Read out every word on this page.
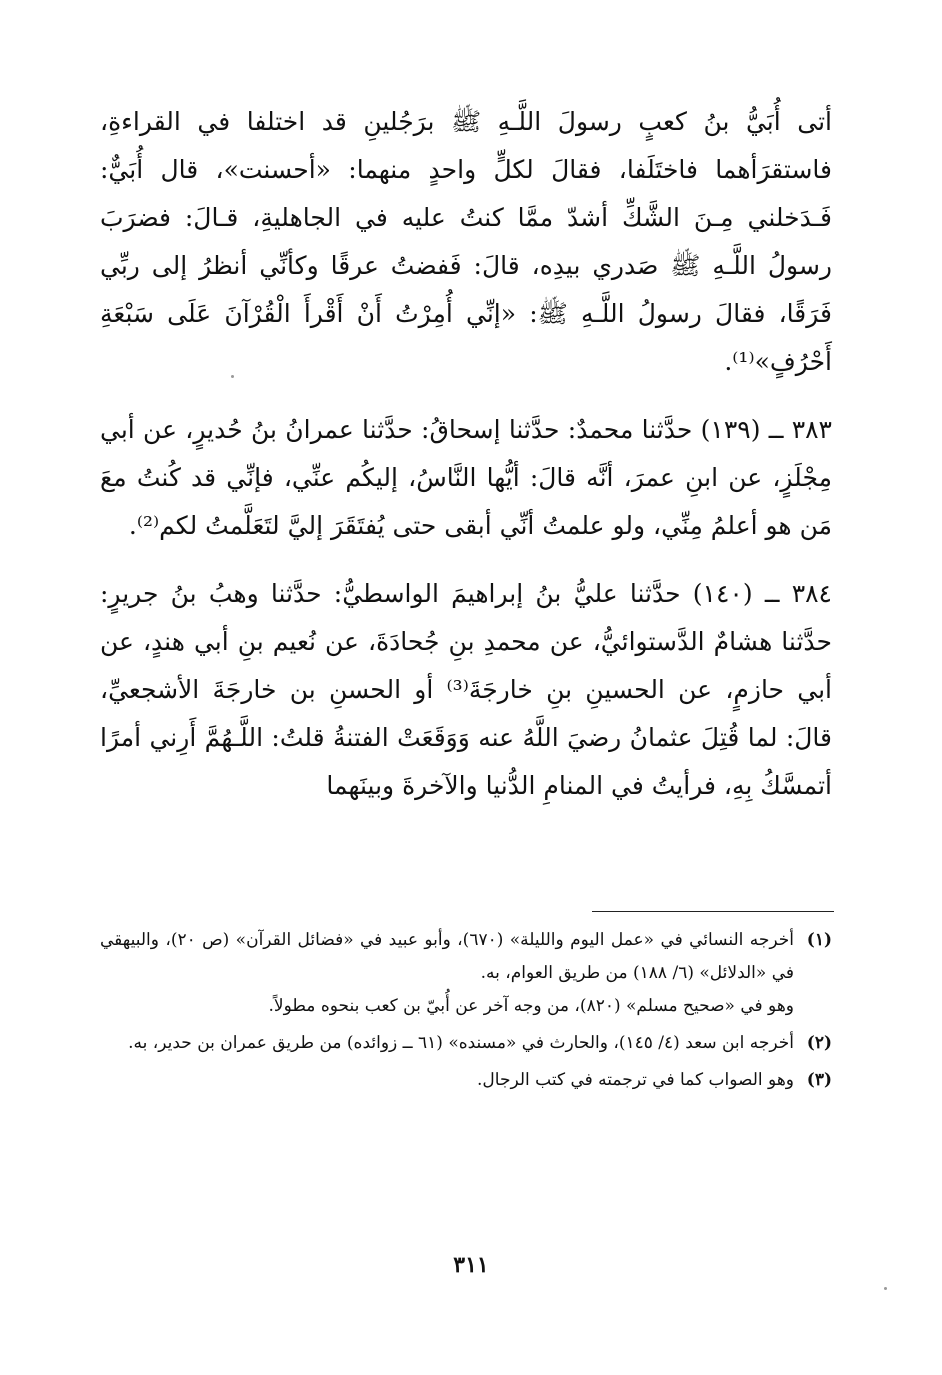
أتى أُبَيُّ بنُ كعبٍ رسولَ اللَّـهِ ﷺ برَجُلينِ قد اختلفا في القراءةِ، فاستقرَأهما فاختَلَفا، فقالَ لكلٍّ واحدٍ منهما: «أحسنت»، قال أُبَيٌّ: فَـدَخلني مِـنَ الشَّكِّ أشدّ ممَّا كنتُ عليه في الجاهليةِ، قـالَ: فضرَبَ رسولُ اللَّـهِ ﷺ صَدري بيدِه، قالَ: فَفضتُ عرقًا وكأنِّي أنظرُ إلى ربِّي فَرَقًا، فقالَ رسولُ اللَّـهِ ﷺ: «إنِّي أُمِرْتُ أَنْ أَقْرأَ الْقُرْآنَ عَلَى سَبْعَةِ أَحْرُفٍ»⁽¹⁾.

٣٨٣ ــ (١٣٩) حدَّثنا محمدٌ: حدَّثنا إسحاقُ: حدَّثنا عمرانُ بنُ حُديرٍ، عن أبي مِجْلَزٍ، عن ابنِ عمرَ، أنَّه قالَ: أيُّها النَّاسُ، إليكُم عنِّي، فإنِّي قد كُنتُ معَ مَن هو أعلمُ مِنِّي، ولو علمتُ أنِّي أبقى حتى يُفتَقَرَ إليَّ لتَعَلَّمتُ لكم⁽²⁾.

٣٨٤ ــ (١٤٠) حدَّثنا عليُّ بنُ إبراهيمَ الواسطيُّ: حدَّثنا وهبُ بنُ جريرٍ: حدَّثنا هشامٌ الدَّستوائيُّ، عن محمدِ بنِ جُحادَةَ، عن نُعيم بنِ أبي هندٍ، عن أبي حازمٍ، عن الحسينِ بنِ خارجَةَ⁽³⁾ أو الحسنِ بن خارجَةَ الأشجعيِّ، قالَ: لما قُتِلَ عثمانُ رضيَ اللَّهُ عنه وَوَقَعَتْ الفتنةُ قلتُ: اللَّـهُمَّ أَرِني أمرًا أتمسَّكُ بِهِ، فرأيتُ في المنامِ الدُّنيا والآخرةَ وبينَهما

(١)

أخرجه النسائي في «عمل اليوم والليلة» (٦٧٠)، وأبو عبيد في «فضائل القرآن» (ص ٢٠)، والبيهقي في «الدلائل» (٦/ ١٨٨) من طريق العوام، به.

وهو في «صحيح مسلم» (٨٢٠)، من وجه آخر عن أُبيّ بن كعب بنحوه مطولاً.

(٢)

أخرجه ابن سعد (٤/ ١٤٥)، والحارث في «مسنده» (٦١ ــ زوائده) من طريق عمران بن حدير، به.

(٣)

وهو الصواب كما في ترجمته في كتب الرجال.

٣١١
